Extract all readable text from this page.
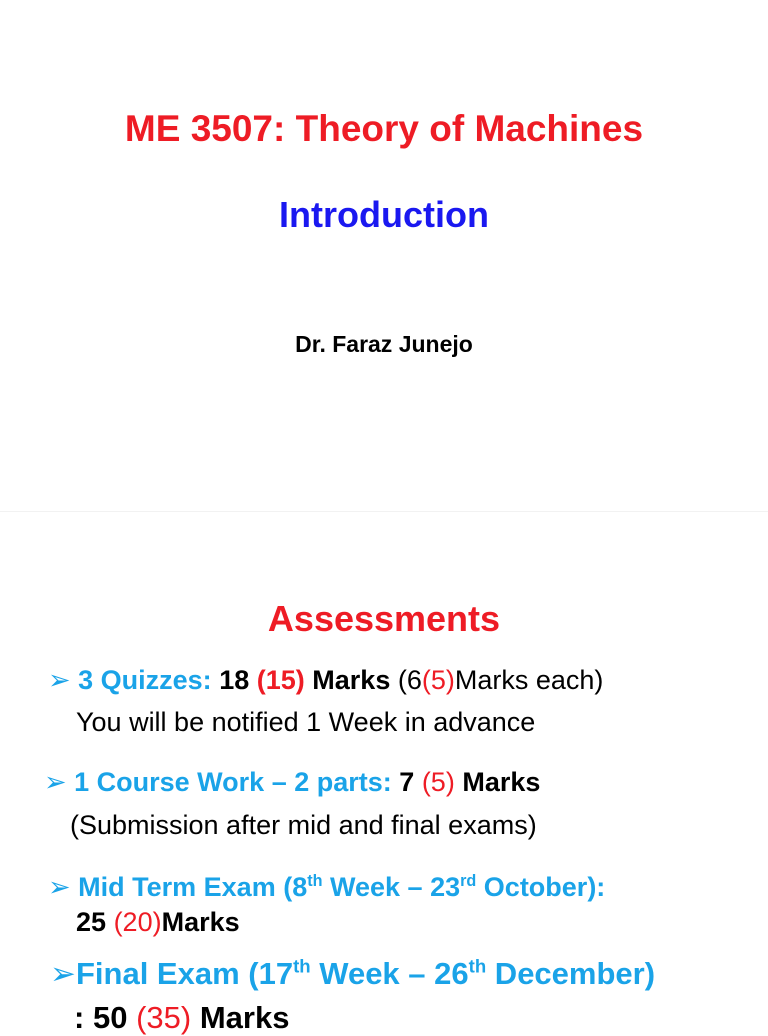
ME 3507: Theory of Machines
Introduction
Dr. Faraz Junejo
Assessments
➢ 3 Quizzes: 18 (15) Marks (6(5)Marks each)
You will be notified 1 Week in advance
➢ 1 Course Work – 2 parts: 7 (5) Marks
(Submission after mid and final exams)
➢ Mid Term Exam (8th Week – 23rd October):
25 (20)Marks
➢Final Exam (17th Week – 26th December)
: 50 (35) Marks
